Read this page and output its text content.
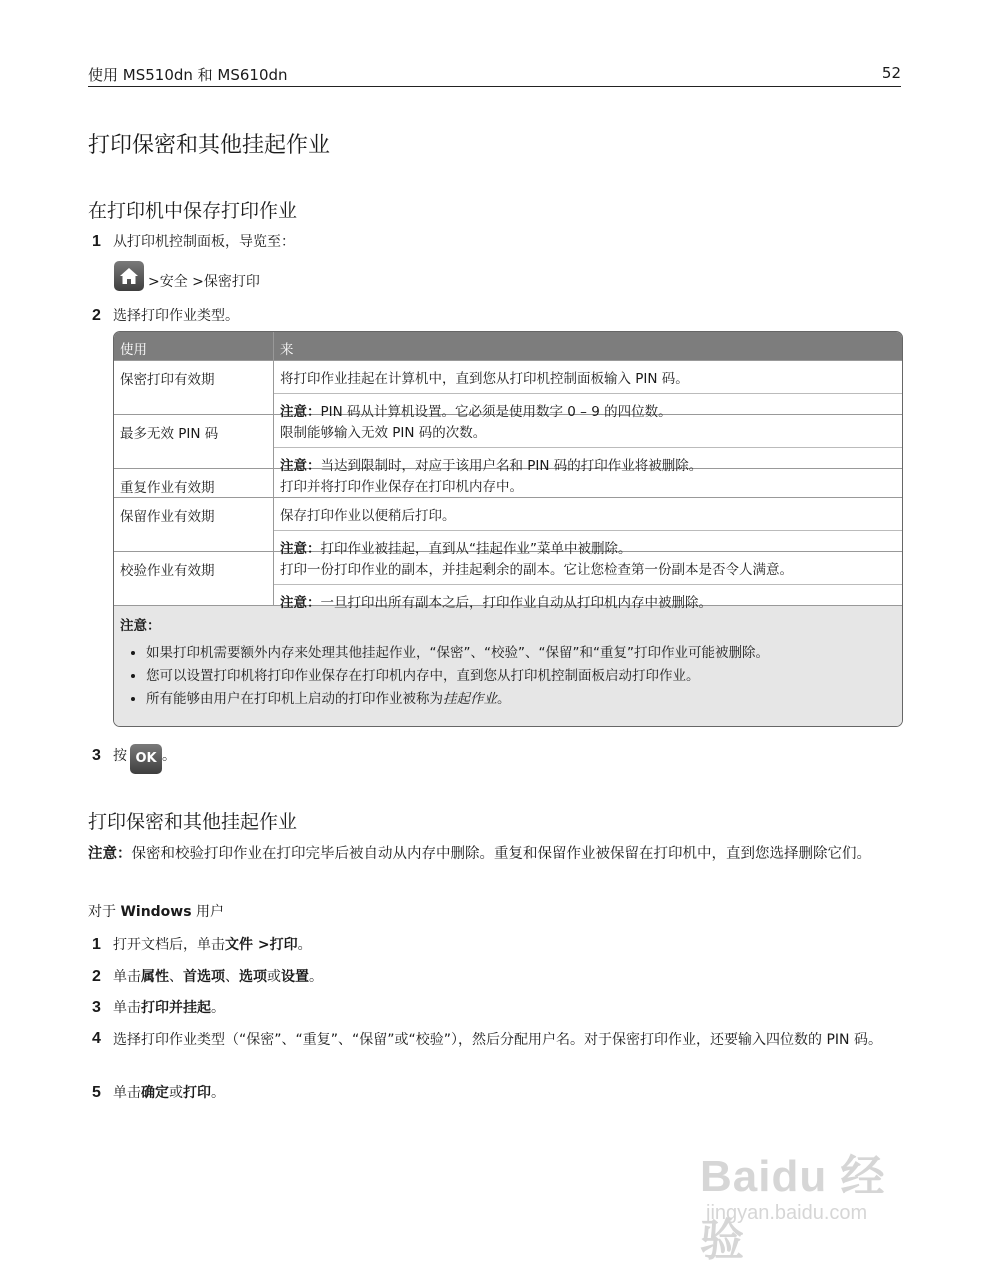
使用 MS510dn 和 MS610dn	52
打印保密和其他挂起作业
在打印机中保存打印作业
1 从打印机控制面板，导览至：
>安全 >保密打印
2 选择打印作业类型。
使用	来
保密打印有效期	将打印作业挂起在计算机中，直到您从打印机控制面板输入 PIN 码。
注意：PIN 码从计算机设置。它必须是使用数字 0 – 9 的四位数。
最多无效 PIN 码	限制能够输入无效 PIN 码的次数。
注意：当达到限制时，对应于该用户名和 PIN 码的打印作业将被删除。
重复作业有效期	打印并将打印作业保存在打印机内存中。
保留作业有效期	保存打印作业以便稍后打印。
注意：打印作业被挂起，直到从“挂起作业”菜单中被删除。
校验作业有效期	打印一份打印作业的副本，并挂起剩余的副本。它让您检查第一份副本是否令人满意。
注意：一旦打印出所有副本之后，打印作业自动从打印机内存中被删除。
注意：
• 如果打印机需要额外内存来处理其他挂起作业，“保密”、“校验”、“保留”和“重复”打印作业可能被删除。
• 您可以设置打印机将打印作业保存在打印机内存中，直到您从打印机控制面板启动打印作业。
• 所有能够由用户在打印机上启动的打印作业被称为挂起作业。
3 按 OK 。
打印保密和其他挂起作业
注意：保密和校验打印作业在打印完毕后被自动从内存中删除。重复和保留作业被保留在打印机中，直到您选择删除它们。
对于 Windows 用户
1 打开文档后，单击文件 >打印。
2 单击属性、首选项、选项或设置。
3 单击打印并挂起。
4 选择打印作业类型（“保密”、“重复”、“保留”或“校验”），然后分配用户名。对于保密打印作业，还要输入四位数的 PIN 码。
5 单击确定或打印。
Baidu 经验
jingyan.baidu.com
